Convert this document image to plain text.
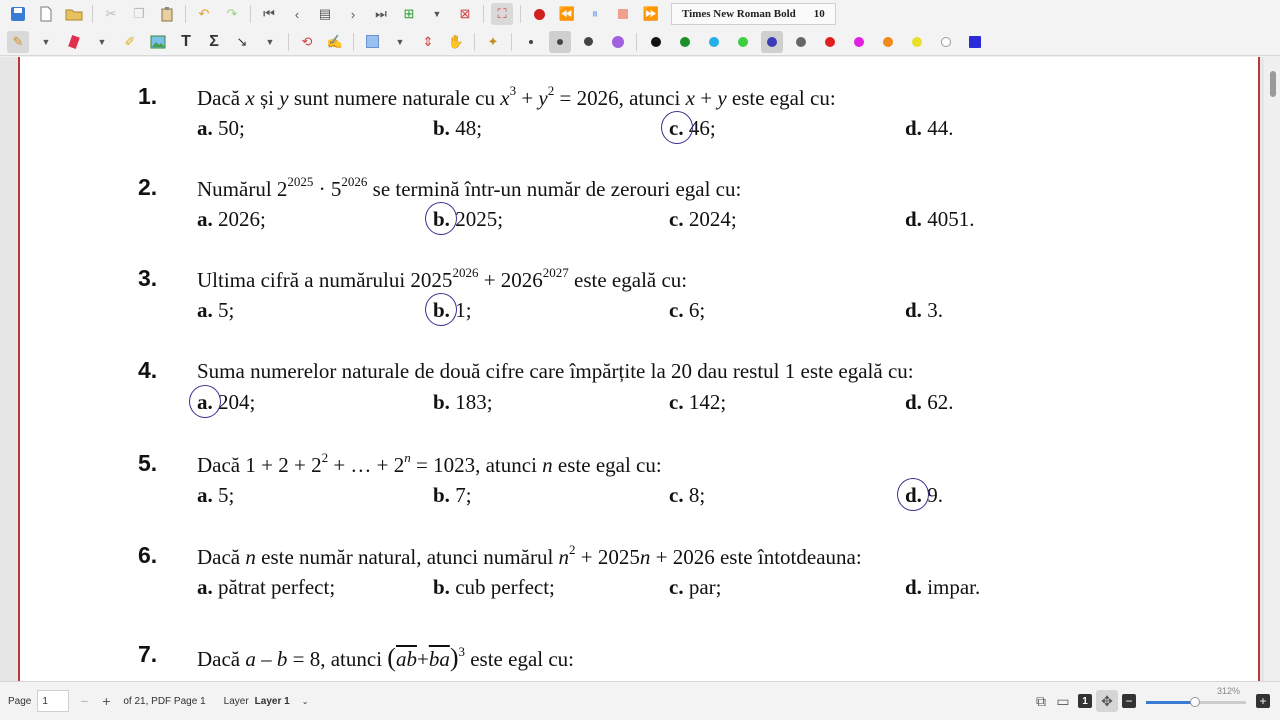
✂	❐	↶	↷	⏮	‹	▤	›	⏭	⊞	▼	⊠	⛶	⏪	⏸	⏩ Times New Roman Bold 10
✎	▼	▼	✐	T	Σ	↘	▼	⟲	✍	▼	⇕	✋	✦
1. Dacă x și y sunt numere naturale cu $x^3 + y^2 = 2026$, atunci x + y este egal cu:
a. 50;	b. 48;	c. 46;	d. 44.
2. Numărul $2^{2025} \cdot 5^{2026}$ se termină într-un număr de zerouri egal cu:
a. 2026;	b. 2025;	c. 2024;	d. 4051.
3. Ultima cifră a numărului $2025^{2026} + 2026^{2027}$ este egală cu:
a. 5;	b. 1;	c. 6;	d. 3.
4. Suma numerelor naturale de două cifre care împărțite la 20 dau restul 1 este egală cu:
a. 204;	b. 183;	c. 142;	d. 62.
5. Dacă $1 + 2 + 2^2$ + … + $2^n = 1023$, atunci n este egal cu:
a. 5;	b. 7;	c. 8;	d. 9.
6. Dacă n este număr natural, atunci numărul $n^2 + 2025n + 2026$ este întotdeauna:
a. pătrat perfect;	b. cub perfect;	c. par;	d. impar.
7. Dacă a – b = 8, atunci $(\overline{ab}+\overline{ba})^3$ este egal cu:
Page 1	− +	of 21, PDF Page 1 Layer Layer 1 ⌄	⧉ ▭	1 ✥	−	+
312%
